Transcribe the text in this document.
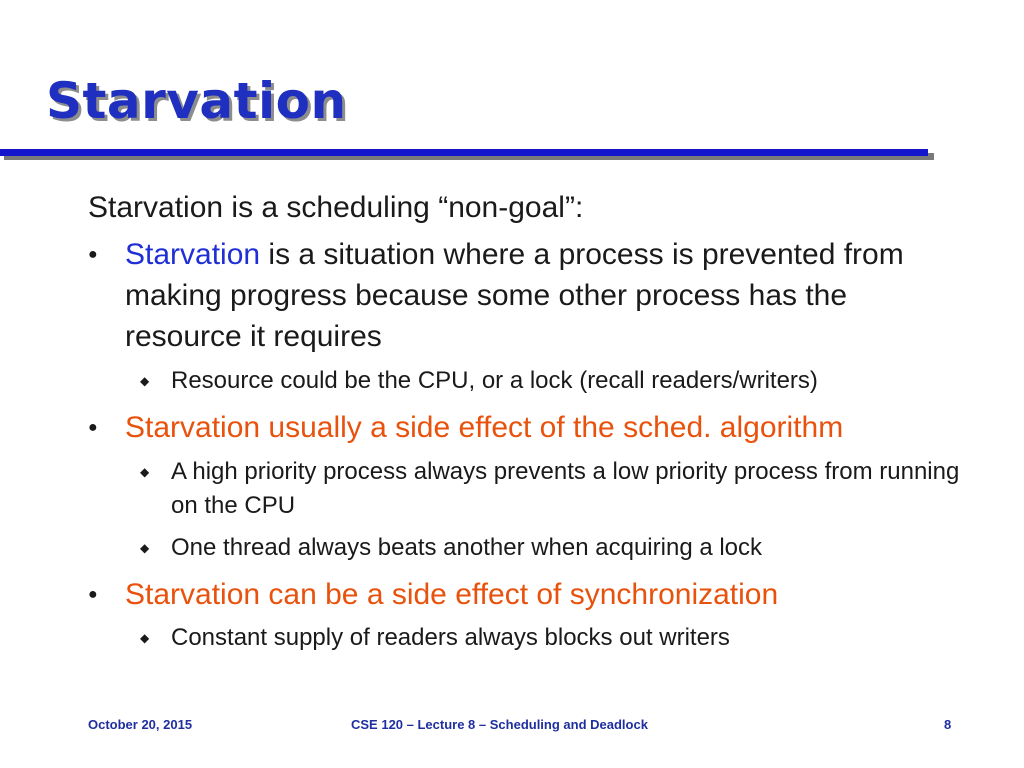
Starvation
Starvation is a scheduling “non-goal”:
● Starvation is a situation where a process is prevented from making progress because some other process has the resource it requires
◆ Resource could be the CPU, or a lock (recall readers/writers)
● Starvation usually a side effect of the sched. algorithm
◆ A high priority process always prevents a low priority process from running on the CPU
◆ One thread always beats another when acquiring a lock
● Starvation can be a side effect of synchronization
◆ Constant supply of readers always blocks out writers
October 20, 2015	CSE 120 – Lecture 8 – Scheduling and Deadlock	8
